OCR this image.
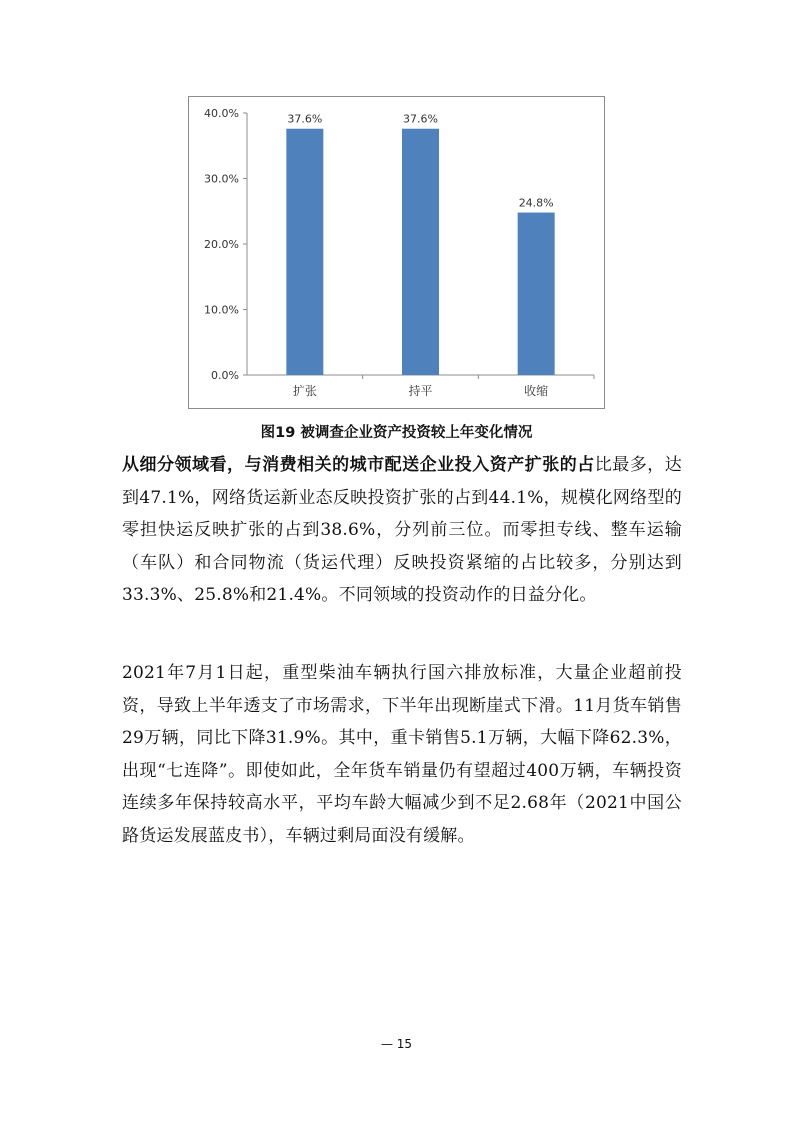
0.0%
10.0%
20.0%
30.0%
40.0%	37.6%
扩张
37.6%
持平
24.8%
收缩
图19 被调查企业资产投资较上年变化情况

从细分领域看，与消费相关的城市配送企业投入资产扩张的占比最多，达到47.1%，网络货运新业态反映投资扩张的占到44.1%，规模化网络型的零担快运反映扩张的占到38.6%，分列前三位。而零担专线、整车运输（车队）和合同物流（货运代理）反映投资紧缩的占比较多，分别达到33.3%、25.8%和21.4%。不同领域的投资动作的日益分化。

2021年7月1日起，重型柴油车辆执行国六排放标准，大量企业超前投资，导致上半年透支了市场需求，下半年出现断崖式下滑。11月货车销售29万辆，同比下降31.9%。其中，重卡销售5.1万辆，大幅下降62.3%，出现“七连降”。即使如此，全年货车销量仍有望超过400万辆，车辆投资连续多年保持较高水平，平均车龄大幅减少到不足2.68年（2021中国公路货运发展蓝皮书），车辆过剩局面没有缓解。

— 15
